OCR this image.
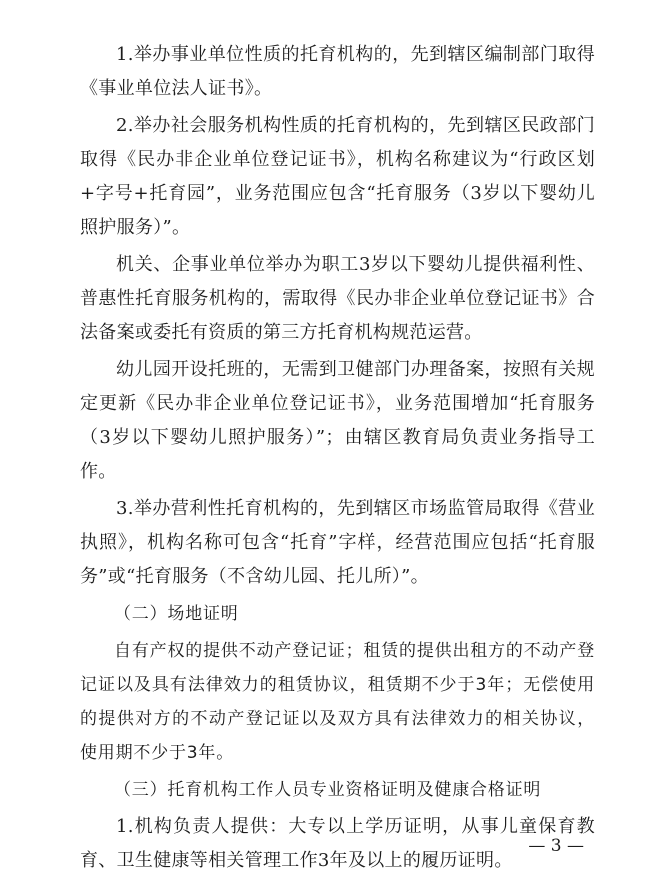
1.举办事业单位性质的托育机构的，先到辖区编制部门取得《事业单位法人证书》。

2.举办社会服务机构性质的托育机构的，先到辖区民政部门取得《民办非企业单位登记证书》，机构名称建议为“行政区划+字号+托育园”，业务范围应包含“托育服务（3岁以下婴幼儿照护服务）”。

机关、企事业单位举办为职工3岁以下婴幼儿提供福利性、普惠性托育服务机构的，需取得《民办非企业单位登记证书》合法备案或委托有资质的第三方托育机构规范运营。

幼儿园开设托班的，无需到卫健部门办理备案，按照有关规定更新《民办非企业单位登记证书》，业务范围增加“托育服务（3岁以下婴幼儿照护服务）”；由辖区教育局负责业务指导工作。

3.举办营利性托育机构的，先到辖区市场监管局取得《营业执照》，机构名称可包含“托育”字样，经营范围应包括“托育服务”或“托育服务（不含幼儿园、托儿所）”。

（二）场地证明

自有产权的提供不动产登记证；租赁的提供出租方的不动产登记证以及具有法律效力的租赁协议，租赁期不少于3年；无偿使用的提供对方的不动产登记证以及双方具有法律效力的相关协议，使用期不少于3年。

（三）托育机构工作人员专业资格证明及健康合格证明

1.机构负责人提供：大专以上学历证明，从事儿童保育教育、卫生健康等相关管理工作3年及以上的履历证明。

— 3 —
